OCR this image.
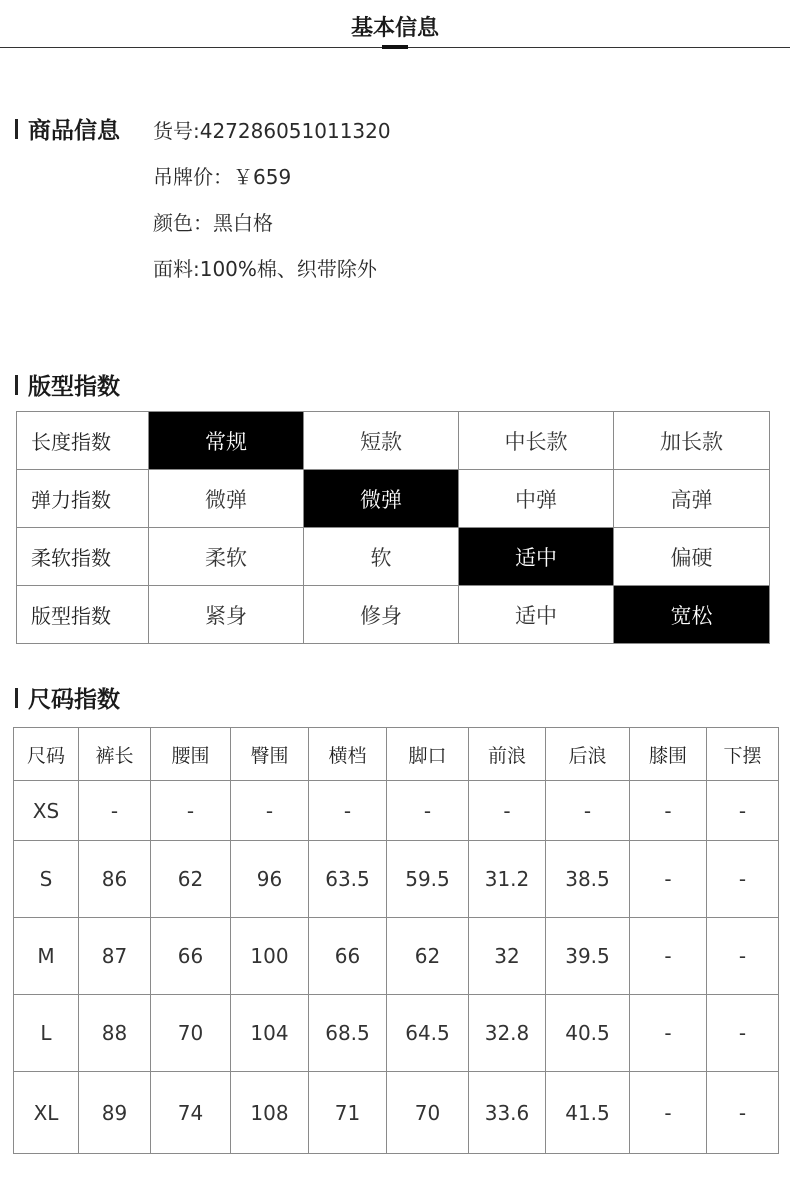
基本信息
商品信息 货号:427286051011320
吊牌价：￥659
颜色：黑白格
面料:100%棉、织带除外
版型指数
长度指数	常规	短款	中长款	加长款
弹力指数	微弹	微弹	中弹	高弹
柔软指数	柔软	软	适中	偏硬
版型指数	紧身	修身	适中	宽松
尺码指数
尺码	裤长	腰围	臀围	横档	脚口	前浪	后浪	膝围	下摆
XS	-	-	-	-	-	-	-	-	-
S	86	62	96	63.5	59.5	31.2	38.5	-	-
M	87	66	100	66	62	32	39.5	-	-
L	88	70	104	68.5	64.5	32.8	40.5	-	-
XL	89	74	108	71	70	33.6	41.5	-	-
